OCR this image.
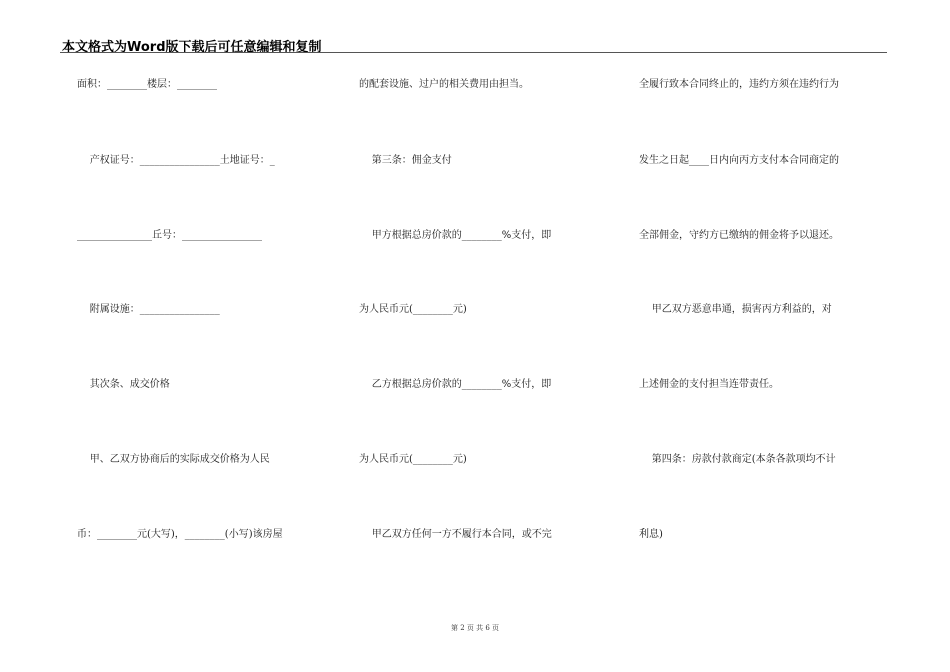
本文格式为Word版下载后可任意编辑和复制
面积：________楼层：________
产权证号：________________土地证号：_
_______________丘号：________________
附属设施：________________
其次条、成交价格
甲、乙双方协商后的实际成交价格为人民
币：________元(大写)，________(小写)该房屋
的配套设施、过户的相关费用由担当。
第三条：佣金支付
甲方根据总房价款的________%支付，即
为人民币元(________元)
乙方根据总房价款的________%支付，即
为人民币元(________元)
甲乙双方任何一方不履行本合同，或不完
全履行致本合同终止的，违约方须在违约行为
发生之日起____日内向丙方支付本合同商定的
全部佣金，守约方已缴纳的佣金将予以退还。
甲乙双方恶意串通，损害丙方利益的，对
上述佣金的支付担当连带责任。
第四条：房款付款商定(本条各款项均不计
利息)
第 2 页 共 6 页
